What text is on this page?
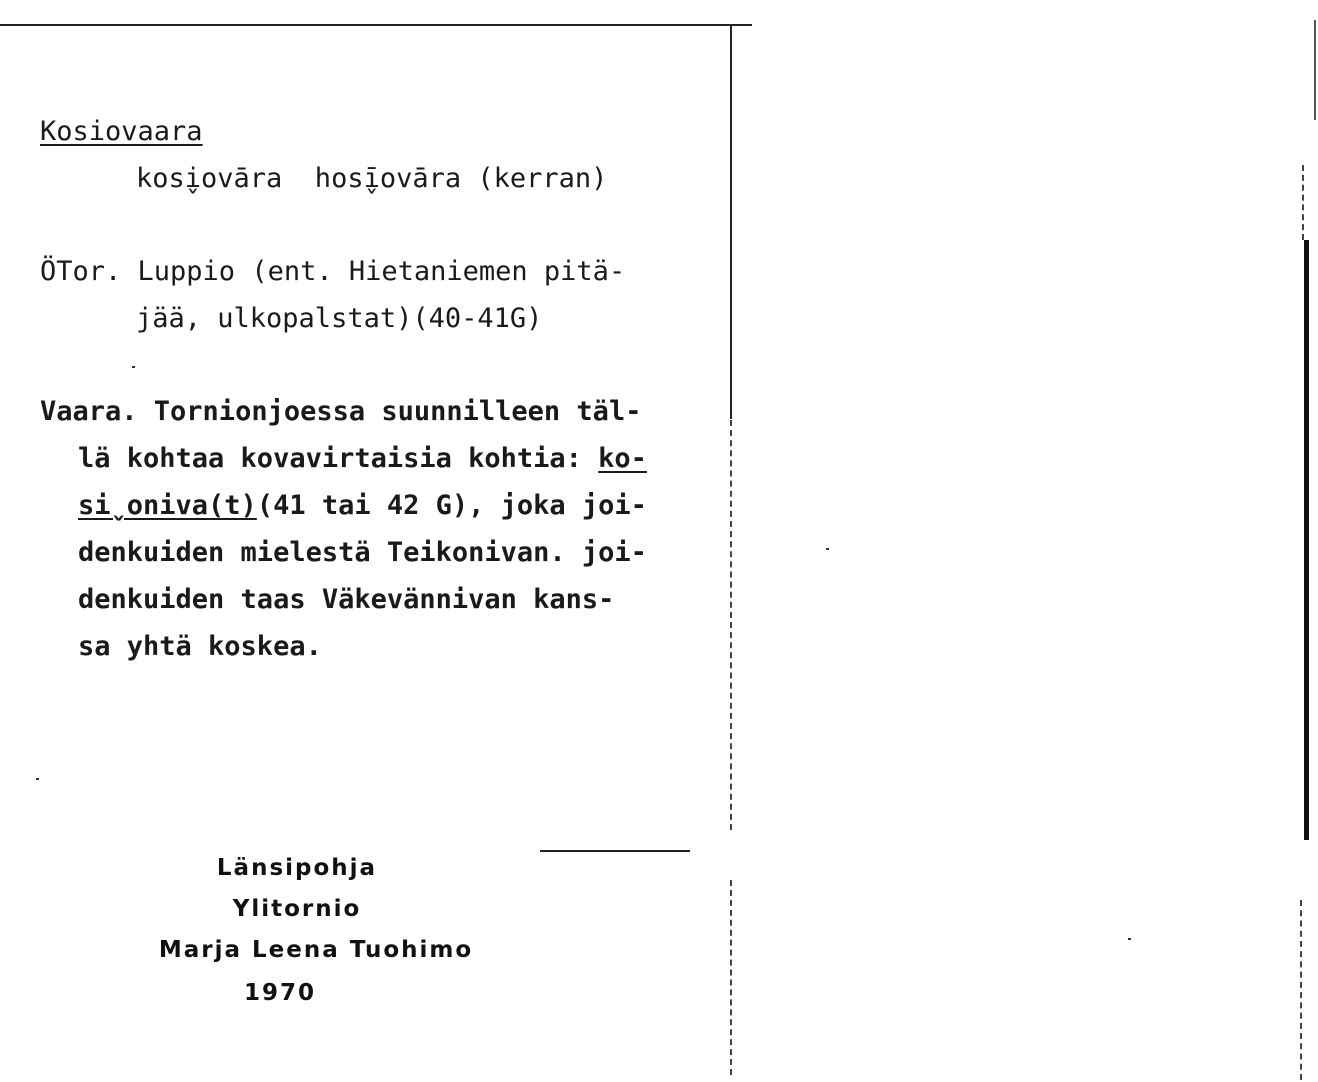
Kosiovaara
kosi̬ovāra  hosī̬ovāra (kerran)
ÖTor. Luppio (ent. Hietaniemen pitä-
jää, ulkopalstat)(40-41G)
Vaara. Tornionjoessa suunnilleen täl-
lä kohtaa kovavirtaisia kohtia: ko-
si̬oniva(t)(41 tai 42 G), joka joi-
denkuiden mielestä Teikonivan. joi-
denkuiden taas Väkevännivan kans-
sa yhtä koskea.
Länsipohja
Ylitornio
Marja Leena Tuohimo
1970
